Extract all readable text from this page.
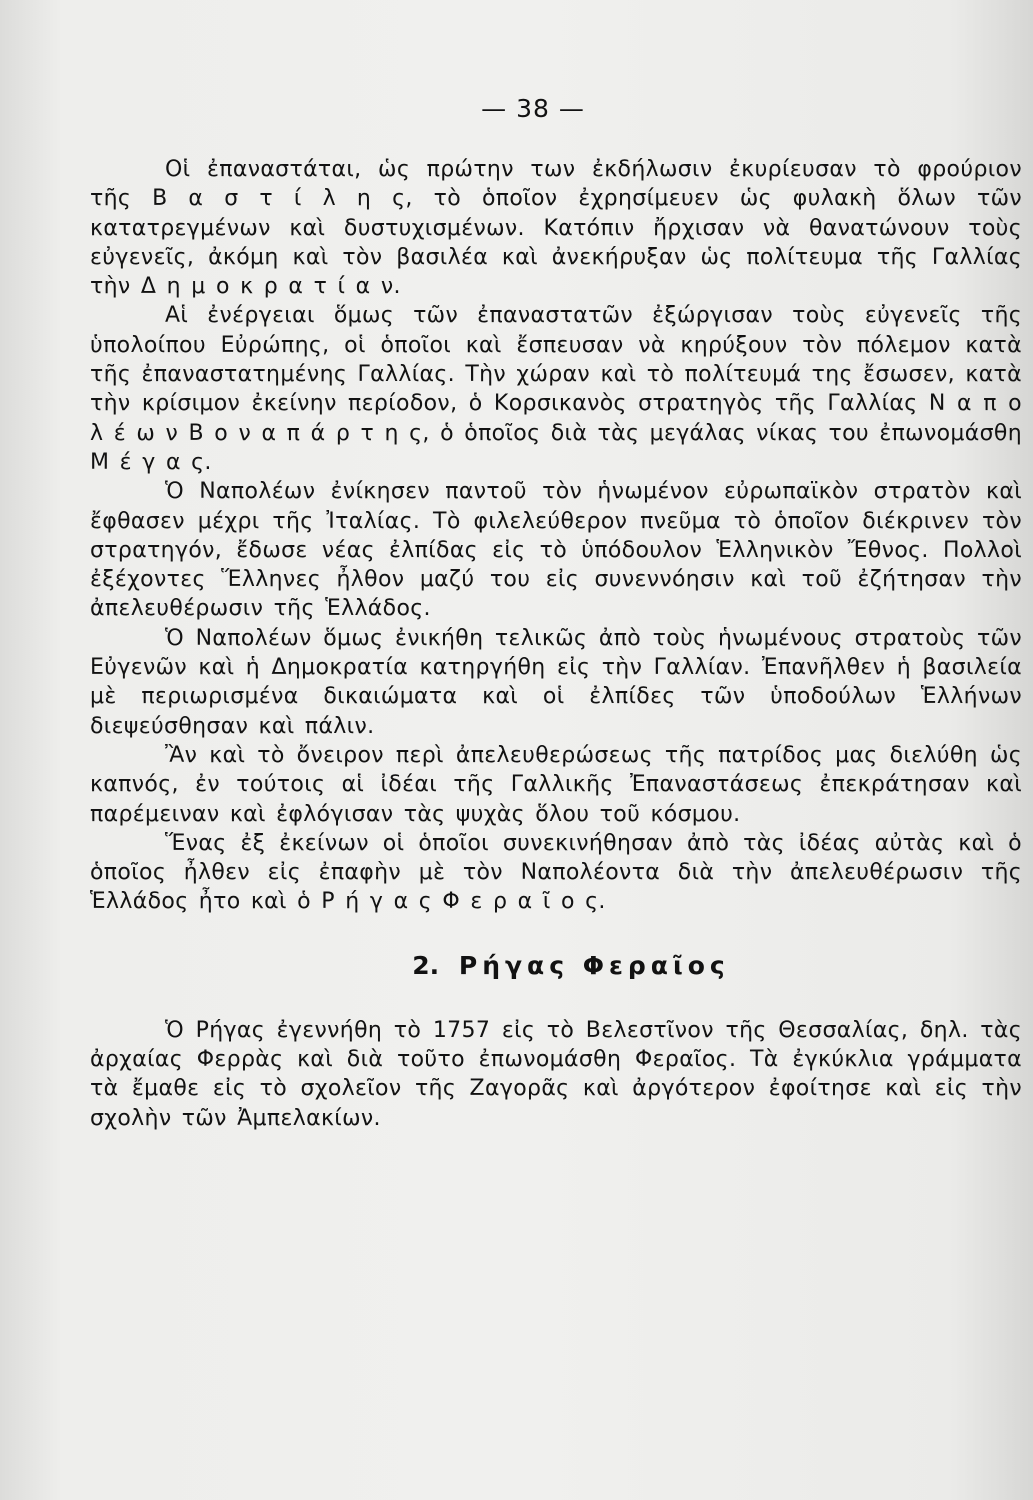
— 38 —

Οἱ ἐπαναστάται, ὡς πρώτην των ἐκδήλωσιν ἐκυρίευσαν τὸ φρούριον τῆς Β α σ τ ί λ η ς, τὸ ὁποῖον ἐχρησίμευεν ὡς φυλακὴ ὅλων τῶν κατατρεγμένων καὶ δυστυχισμένων. Κατόπιν ἤρχισαν νὰ θανατώνουν τοὺς εὐγενεῖς, ἀκόμη καὶ τὸν βασιλέα καὶ ἀνεκήρυξαν ὡς πολίτευμα τῆς Γαλλίας τὴν Δ η μ ο κ ρ α τ ί α ν.

Αἱ ἐνέργειαι ὅμως τῶν ἐπαναστατῶν ἐξώργισαν τοὺς εὐγενεῖς τῆς ὑπολοίπου Εὐρώπης, οἱ ὁποῖοι καὶ ἔσπευσαν νὰ κηρύξουν τὸν πόλεμον κατὰ τῆς ἐπαναστατημένης Γαλλίας. Τὴν χώραν καὶ τὸ πολίτευμά της ἔσωσεν, κατὰ τὴν κρίσιμον ἐκείνην περίοδον, ὁ Κορσικανὸς στρατηγὸς τῆς Γαλλίας Ν α π ο λ έ ω ν Β ο ν α π ά ρ τ η ς, ὁ ὁποῖος διὰ τὰς μεγάλας νίκας του ἐπωνομάσθη Μ έ γ α ς.

Ὁ Ναπολέων ἐνίκησεν παντοῦ τὸν ἡνωμένον εὐρωπαϊκὸν στρατὸν καὶ ἔφθασεν μέχρι τῆς Ἰταλίας. Τὸ φιλελεύθερον πνεῦμα τὸ ὁποῖον διέκρινεν τὸν στρατηγόν, ἔδωσε νέας ἐλπίδας εἰς τὸ ὑπόδουλον Ἑλληνικὸν Ἔθνος. Πολλοὶ ἐξέχοντες Ἕλληνες ἦλθον μαζύ του εἰς συνεννόησιν καὶ τοῦ ἐζήτησαν τὴν ἀπελευθέρωσιν τῆς Ἑλλάδος.

Ὁ Ναπολέων ὅμως ἐνικήθη τελικῶς ἀπὸ τοὺς ἡνωμένους στρατοὺς τῶν Εὐγενῶν καὶ ἡ Δημοκρατία κατηργήθη εἰς τὴν Γαλλίαν. Ἐπανῆλθεν ἡ βασιλεία μὲ περιωρισμένα δικαιώματα καὶ οἱ ἐλπίδες τῶν ὑποδούλων Ἑλλήνων διεψεύσθησαν καὶ πάλιν.

Ἂν καὶ τὸ ὄνειρον περὶ ἀπελευθερώσεως τῆς πατρίδος μας διελύθη ὡς καπνός, ἐν τούτοις αἱ ἰδέαι τῆς Γαλλικῆς Ἐπαναστάσεως ἐπεκράτησαν καὶ παρέμειναν καὶ ἐφλόγισαν τὰς ψυχὰς ὅλου τοῦ κόσμου.

Ἕνας ἐξ ἐκείνων οἱ ὁποῖοι συνεκινήθησαν ἀπὸ τὰς ἰδέας αὐτὰς καὶ ὁ ὁποῖος ἦλθεν εἰς ἐπαφὴν μὲ τὸν Ναπολέοντα διὰ τὴν ἀπελευθέρωσιν τῆς Ἑλλάδος ἦτο καὶ ὁ Ρ ή γ α ς Φ ε ρ α ῖ ο ς.

2. Ρήγας Φεραῖος

Ὁ Ρήγας ἐγεννήθη τὸ 1757 εἰς τὸ Βελεστῖνον τῆς Θεσσαλίας, δηλ. τὰς ἀρχαίας Φερρὰς καὶ διὰ τοῦτο ἐπωνομάσθη Φεραῖος. Τὰ ἐγκύκλια γράμματα τὰ ἔμαθε εἰς τὸ σχολεῖον τῆς Ζαγορᾶς καὶ ἀργότερον ἐφοίτησε καὶ εἰς τὴν σχολὴν τῶν Ἀμπελακίων.
